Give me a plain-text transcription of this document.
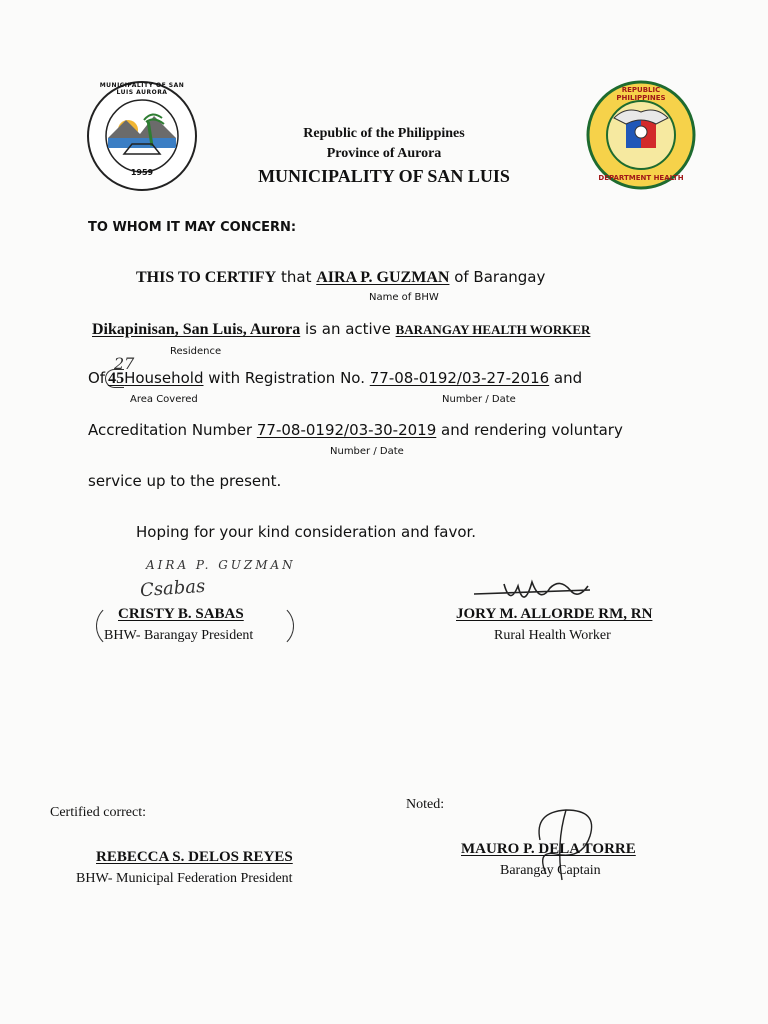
1959
MUNICIPALITY OF SAN LUIS AURORA	REPUBLIC PHILIPPINES
DEPARTMENT HEALTH
Republic of the Philippines
Province of Aurora
MUNICIPALITY OF SAN LUIS
TO WHOM IT MAY CONCERN:
THIS TO CERTIFY that AIRA P. GUZMAN of Barangay
Name of BHW
Dikapinisan, San Luis, Aurora is an active BARANGAY HEALTH WORKER
Residence
27
Of 45Household with Registration No. 77-08-0192/03-27-2016 and
Area Covered	Number / Date
Accreditation Number 77-08-0192/03-30-2019 and rendering voluntary
Number / Date
service up to the present.
Hoping for your kind consideration and favor.
AIRA P. GUZMAN
Csabas
CRISTY B. SABAS
BHW- Barangay President
JORY M. ALLORDE RM, RN
Rural Health Worker
Certified correct:
REBECCA S. DELOS REYES
BHW- Municipal Federation President
Noted:
MAURO P. DELA TORRE
Barangay Captain
